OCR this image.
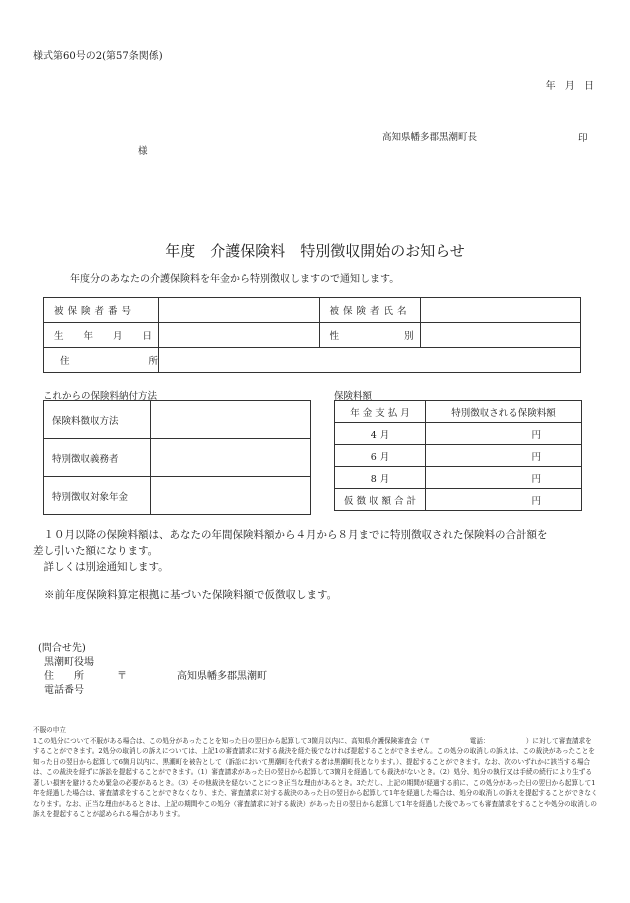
様式第60号の2(第57条関係)
年 月 日
高知県幡多郡黒潮町長	印
様
年度　介護保険料　特別徴収開始のお知らせ
年度分のあなたの介護保険料を年金から特別徴収しますので通知します。
被保険者番号		被保険者氏名	

生 年 月 日		性 別	

住 所			

これからの保険料納付方法
保険料徴収方法	
特別徴収義務者	
特別徴収対象年金	
保険料額
年 金 支 払 月	特別徴収される保険料額
4 月	円
6 月	円
8 月	円
仮 徴 収 額 合 計	円
　１０月以降の保険料額は、あなたの年間保険料額から４月から８月までに特別徴収された保険料の合計額を
差し引いた額になります。
　詳しくは別途通知します。
※前年度保険料算定根拠に基づいた保険料額で仮徴収します。
(問合せ先)
黒潮町役場
住　　所	〒	高知県幡多郡黒潮町
電話番号
不服の申立
1この処分について不服がある場合は、この処分があったことを知った日の翌日から起算して3箇月以内に、高知県介護保険審査会（〒　　　　　　電話：　　　　　　）に対して審査請求をすることができます。2処分の取消しの訴えについては、上記1の審査請求に対する裁決を経た後でなければ提起することができません。この処分の取消しの訴えは、この裁決があったことを知った日の翌日から起算して6箇月以内に、黒潮町を被告として（訴訟において黒潮町を代表する者は黒潮町長となります。）、提起することができます。なお、次のいずれかに該当する場合は、この裁決を経ずに訴訟を提起することができます。（1）審査請求があった日の翌日から起算して3箇月を経過しても裁決がないとき。（2）処分、処分の執行又は手続の続行により生ずる著しい損害を避けるため緊急の必要があるとき。（3）その他裁決を経ないことにつき正当な理由があるとき。3ただし、上記の期間が経過する前に、この処分があった日の翌日から起算して1年を経過した場合は、審査請求をすることができなくなり、また、審査請求に対する裁決のあった日の翌日から起算して1年を経過した場合は、処分の取消しの訴えを提起することができなくなります。なお、正当な理由があるときは、上記の期間やこの処分（審査請求に対する裁決）があった日の翌日から起算して1年を経過した後であっても審査請求をすることや処分の取消しの訴えを提起することが認められる場合があります。
